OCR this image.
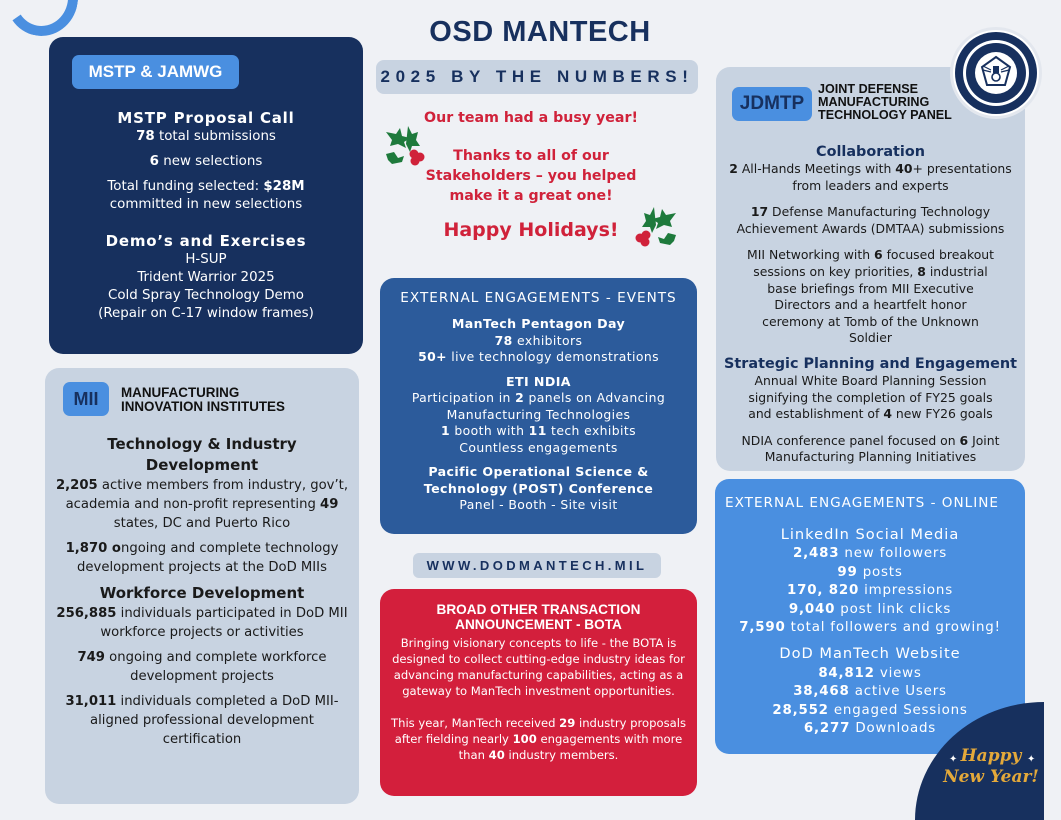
OSD MANTECH
2025 BY THE NUMBERS!

Our team had a busy year!

Thanks to all of our Stakeholders – you helped make it a great one!

Happy Holidays!

MSTP & JAMWG
MSTP Proposal Call
78 total submissions
6 new selections
Total funding selected: $28M
committed in new selections
Demo’s and Exercises
H-SUP
Trident Warrior 2025
Cold Spray Technology Demo
(Repair on C-17 window frames)
MII	MANUFACTURING
INNOVATION INSTITUTES
Technology & Industry Development
2,205 active members from industry, gov’t, academia and non-profit representing 49 states, DC and Puerto Rico
1,870 ongoing and complete technology development projects at the DoD MIIs
Workforce Development
256,885 individuals participated in DoD MII workforce projects or activities
749 ongoing and complete workforce development projects
31,011 individuals completed a DoD MII-aligned professional development certification
EXTERNAL ENGAGEMENTS - EVENTS
ManTech Pentagon Day
78 exhibitors
50+ live technology demonstrations
ETI NDIA
Participation in 2 panels on Advancing Manufacturing Technologies
1 booth with 11 tech exhibits
Countless engagements
Pacific Operational Science & Technology (POST) Conference
Panel - Booth - Site visit
WWW.DODMANTECH.MIL
BROAD OTHER TRANSACTION ANNOUNCEMENT - BOTA
Bringing visionary concepts to life - the BOTA is designed to collect cutting-edge industry ideas for advancing manufacturing capabilities, acting as a gateway to ManTech investment opportunities.
This year, ManTech received 29 industry proposals after fielding nearly 100 engagements with more than 40 industry members.
JDMTP
JOINT DEFENSE
MANUFACTURING
TECHNOLOGY PANEL
Collaboration
2 All-Hands Meetings with 40+ presentations from leaders and experts
17 Defense Manufacturing Technology Achievement Awards (DMTAA) submissions
MII Networking with 6 focused breakout sessions on key priorities, 8 industrial base briefings from MII Executive Directors and a heartfelt honor ceremony at Tomb of the Unknown Soldier
Strategic Planning and Engagement
Annual White Board Planning Session signifying the completion of FY25 goals and establishment of 4 new FY26 goals
NDIA conference panel focused on 6 Joint Manufacturing Planning Initiatives
EXTERNAL ENGAGEMENTS - ONLINE
LinkedIn Social Media
2,483 new followers
99 posts
170, 820 impressions
9,040 post link clicks
7,590 total followers and growing!
DoD ManTech Website
84,812 views
38,468 active Users
28,552 engaged Sessions
6,277 Downloads
✦	✦
Happy
New Year!
